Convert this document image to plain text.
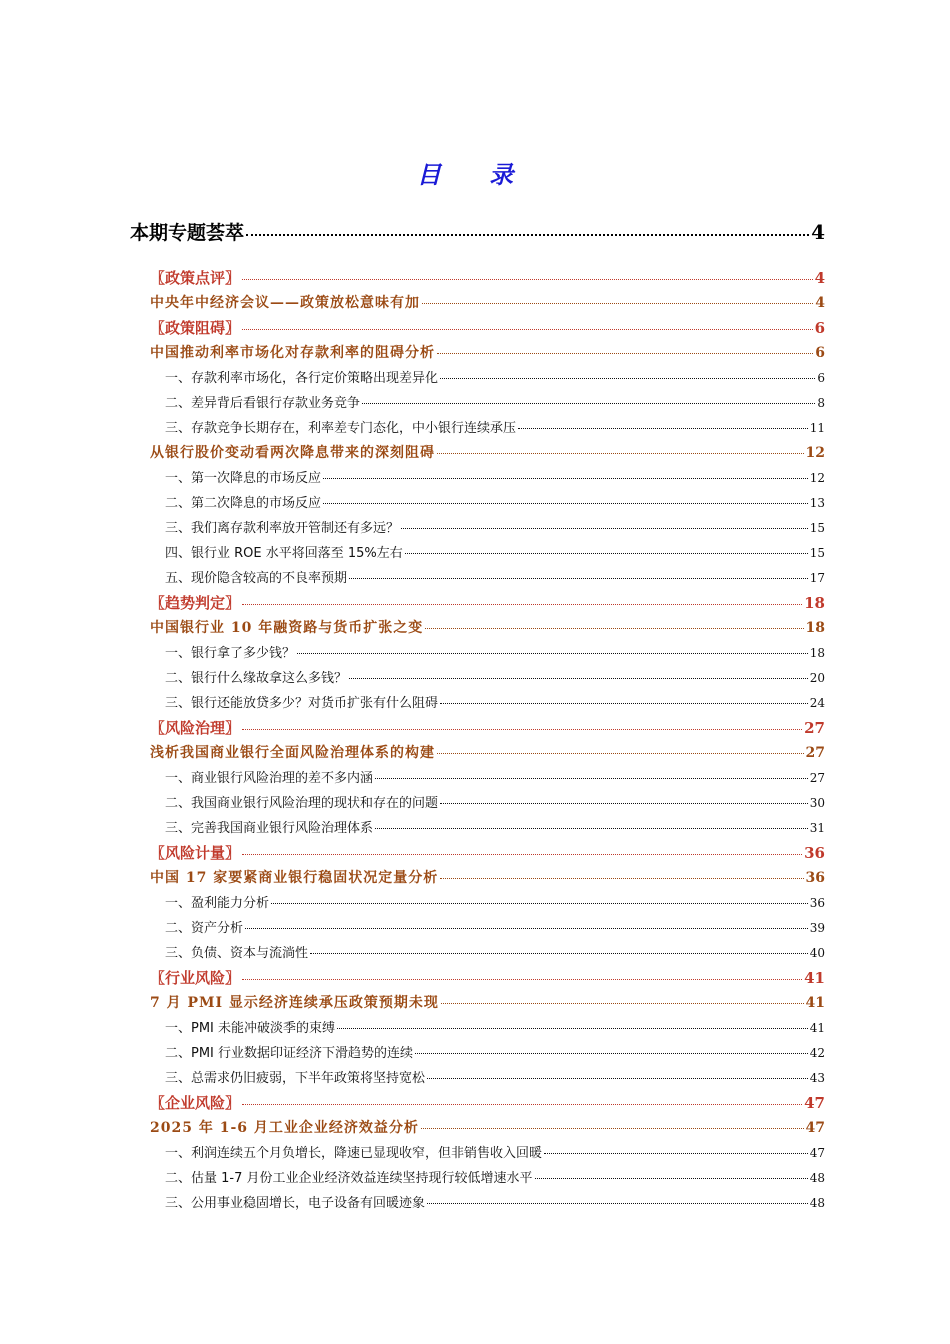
目 录
本期专题荟萃	4
〖政策点评〗	4
中央年中经济会议——政策放松意味有加	4
〖政策阻碍〗	6
中国推动利率市场化对存款利率的阻碍分析	6
一、存款利率市场化，各行定价策略出现差异化	6
二、差异背后看银行存款业务竞争	8
三、存款竞争长期存在，利率差专门态化，中小银行连续承压	11
从银行股价变动看两次降息带来的深刻阻碍	12
一、第一次降息的市场反应	12
二、第二次降息的市场反应	13
三、我们离存款利率放开管制还有多远？	15
四、银行业 ROE 水平将回落至 15%左右	15
五、现价隐含较高的不良率预期	17
〖趋势判定〗	18
中国银行业 10 年融资路与货币扩张之变	18
一、银行拿了多少钱？	18
二、银行什么缘故拿这么多钱？	20
三、银行还能放贷多少？对货币扩张有什么阻碍	24
〖风险治理〗	27
浅析我国商业银行全面风险治理体系的构建	27
一、商业银行风险治理的差不多内涵	27
二、我国商业银行风险治理的现状和存在的问题	30
三、完善我国商业银行风险治理体系	31
〖风险计量〗	36
中国 17 家要紧商业银行稳固状况定量分析	36
一、盈利能力分析	36
二、资产分析	39
三、负债、资本与流淌性	40
〖行业风险〗	41
7 月 PMI 显示经济连续承压政策预期未现	41
一、PMI 未能冲破淡季的束缚	41
二、PMI 行业数据印证经济下滑趋势的连续	42
三、总需求仍旧疲弱，下半年政策将坚持宽松	43
〖企业风险〗	47
2025 年 1-6 月工业企业经济效益分析	47
一、利润连续五个月负增长，降速已显现收窄，但非销售收入回暖	47
二、估量 1-7 月份工业企业经济效益连续坚持现行较低增速水平	48
三、公用事业稳固增长，电子设备有回暖迹象	48
